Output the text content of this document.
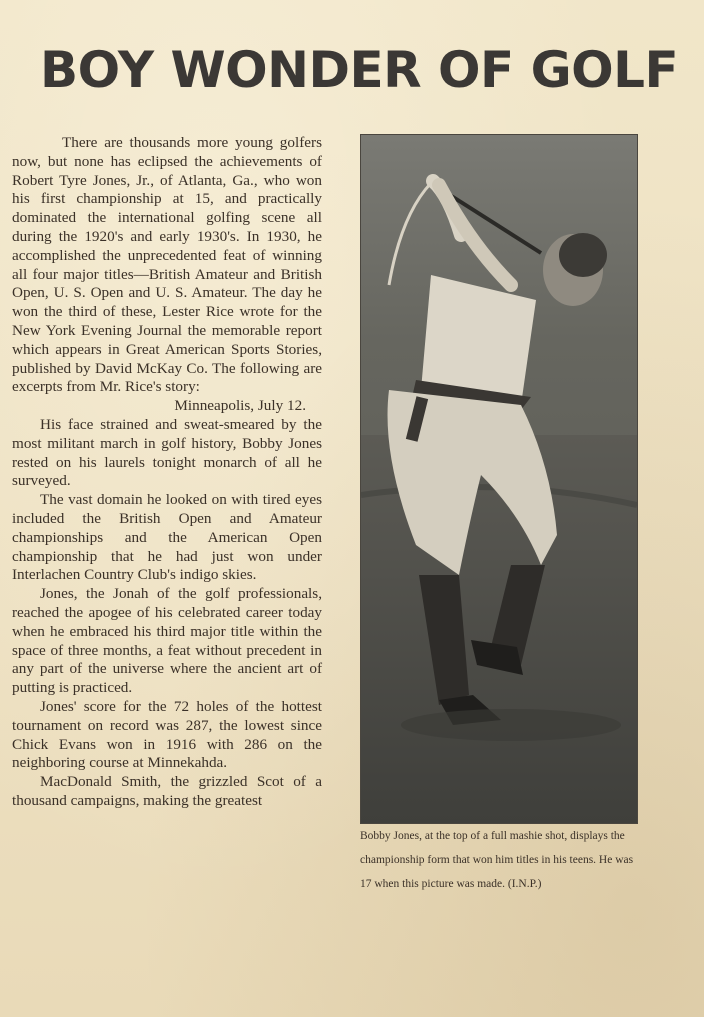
BOY WONDER OF GOLF

There are thousands more young golfers now, but none has eclipsed the achievements of Robert Tyre Jones, Jr., of Atlanta, Ga., who won his first championship at 15, and practically dominated the international golfing scene all during the 1920's and early 1930's. In 1930, he accomplished the unprecedented feat of winning all four major titles—British Amateur and British Open, U. S. Open and U. S. Amateur. The day he won the third of these, Lester Rice wrote for the New York Evening Journal the memorable report which appears in Great American Sports Stories, published by David McKay Co. The following are excerpts from Mr. Rice's story:

Minneapolis, July 12.

His face strained and sweat-smeared by the most militant march in golf history, Bobby Jones rested on his laurels tonight monarch of all he surveyed.

The vast domain he looked on with tired eyes included the British Open and Amateur championships and the American Open championship that he had just won under Interlachen Country Club's indigo skies.

Jones, the Jonah of the golf professionals, reached the apogee of his celebrated career today when he embraced his third major title within the space of three months, a feat without precedent in any part of the universe where the ancient art of putting is practiced.

Jones' score for the 72 holes of the hottest tournament on record was 287, the lowest since Chick Evans won in 1916 with 286 on the neighboring course at Minnekahda.

MacDonald Smith, the grizzled Scot of a thousand campaigns, making the greatest

Bobby Jones, at the top of a full mashie shot, displays the championship form that won him titles in his teens. He was 17 when this picture was made. (I.N.P.)
